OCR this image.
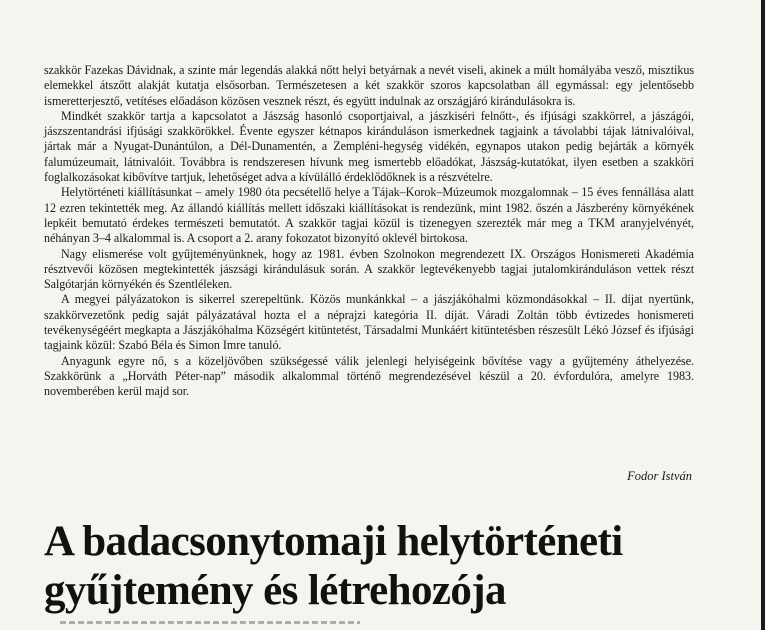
szakkör Fazekas Dávidnak, a szinte már legendás alakká nőtt helyi betyárnak a nevét viseli, akinek a múlt homályába vesző, misztikus elemekkel átszőtt alakját kutatja elsősorban. Természetesen a két szakkör szoros kapcsolatban áll egymással: egy jelentősebb ismeretterjesztő, vetítéses előadáson közösen vesznek részt, és együtt indulnak az országjáró kirándulásokra is.

Mindkét szakkör tartja a kapcsolatot a Jászság hasonló csoportjaival, a jászkiséri felnőtt-, és ifjúsági szakkörrel, a jászágói, jászszentandrási ifjúsági szakkörökkel. Évente egyszer kétnapos kiránduláson ismerkednek tagjaink a távolabbi tájak látnivalóival, jártak már a Nyugat-Dunántúlon, a Dél-Dunamentén, a Zempléni-hegység vidékén, egynapos utakon pedig bejárták a környék falumúzeumait, látnivalóit. Továbbra is rendszeresen hívunk meg ismertebb előadókat, Jászság-kutatókat, ilyen esetben a szakköri foglalkozásokat kibővítve tartjuk, lehetőséget adva a kívülálló érdeklődőknek is a részvételre.

Helytörténeti kiállításunkat – amely 1980 óta pecsétellő helye a Tájak–Korok–Múzeumok mozgalomnak – 15 éves fennállása alatt 12 ezren tekintették meg. Az állandó kiállítás mellett időszaki kiállításokat is rendezünk, mint 1982. őszén a Jászberény környékének lepkéit bemutató érdekes természeti bemutatót. A szakkör tagjai közül is tizenegyen szerezték már meg a TKM aranyjelvényét, néhányan 3–4 alkalommal is. A csoport a 2. arany fokozatot bizonyító oklevél birtokosa.

Nagy elismerése volt gyűjteményünknek, hogy az 1981. évben Szolnokon megrendezett IX. Országos Honismereti Akadémia résztvevői közösen megtekintették jászsági kirándulásuk során. A szakkör legtevékenyebb tagjai jutalomkiránduláson vettek részt Salgótarján környékén és Szentléleken.

A megyei pályázatokon is sikerrel szerepeltünk. Közös munkánkkal – a jászjákóhalmi közmondásokkal – II. díjat nyertünk, szakkörvezetőnk pedig saját pályázatával hozta el a néprajzi kategória II. díját. Váradi Zoltán több évtizedes honismereti tevékenységéért megkapta a Jászjákóhalma Községért kitüntetést, Társadalmi Munkáért kitüntetésben részesült Lékó József és ifjúsági tagjaink közül: Szabó Béla és Simon Imre tanuló.

Anyagunk egyre nő, s a közeljövőben szükségessé válik jelenlegi helyiségeink bővítése vagy a gyűjtemény áthelyezése. Szakkörünk a „Horváth Péter-nap” második alkalommal történő megrendezésével készül a 20. évfordulóra, amelyre 1983. novemberében kerül majd sor.

Fodor István
A badacsonytomaji helytörténeti
gyűjtemény és létrehozója
